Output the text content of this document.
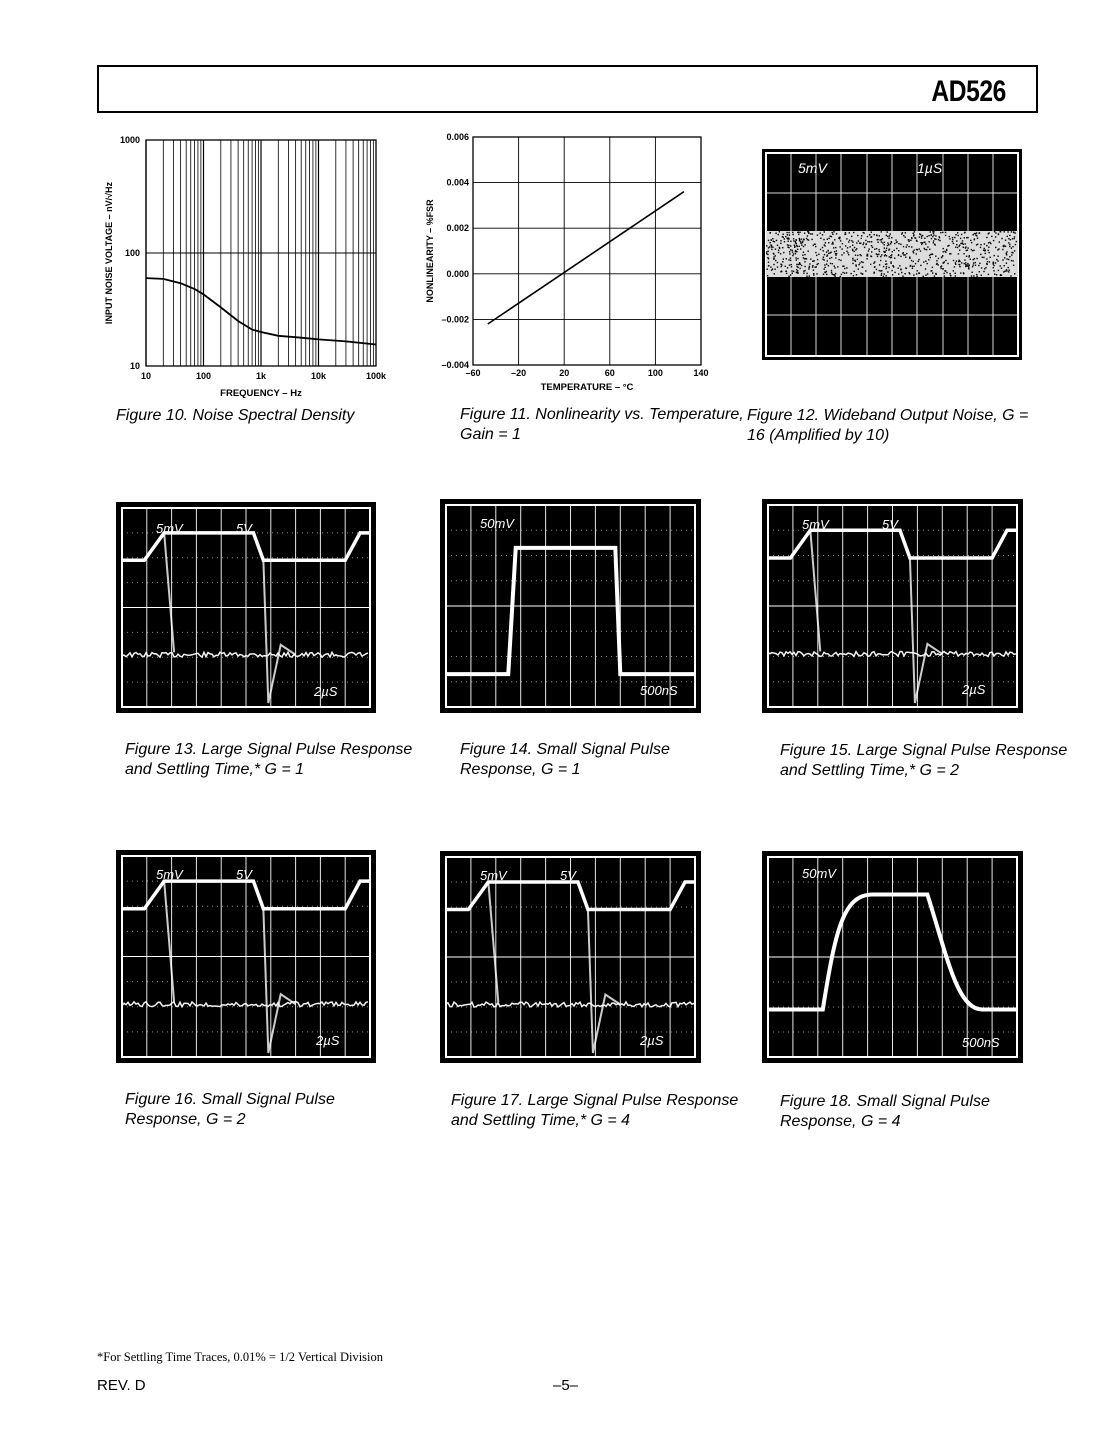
AD526
10	100	1k	10k	100k
10
100
1000
FREQUENCY – Hz
INPUT NOISE VOLTAGE – nV/√Hz
Figure 10. Noise Spectral Density
–60	–20	20	60	100	140
–0.004
–0.002
0.000
0.002
0.004
0.006
TEMPERATURE – °C
NONLINEARITY – %FSR
Figure 11. Nonlinearity vs. Temperature, Gain = 1
5mV	1µS
Figure 12. Wideband Output Noise, G = 16 (Amplified by 10)
5mV	5V
2µS
Figure 13. Large Signal Pulse Response and Settling Time,* G = 1
50mV
500nS
Figure 14. Small Signal Pulse Response, G = 1
5mV	5V
2µS
Figure 15. Large Signal Pulse Response and Settling Time,* G = 2
5mV	5V
2µS
Figure 16. Small Signal Pulse Response, G = 2
5mV	5V
2µS
Figure 17. Large Signal Pulse Response and Settling Time,* G = 4
50mV
500nS
Figure 18. Small Signal Pulse Response, G = 4
*For Settling Time Traces, 0.01% = 1/2 Vertical Division
REV. D	–5–
